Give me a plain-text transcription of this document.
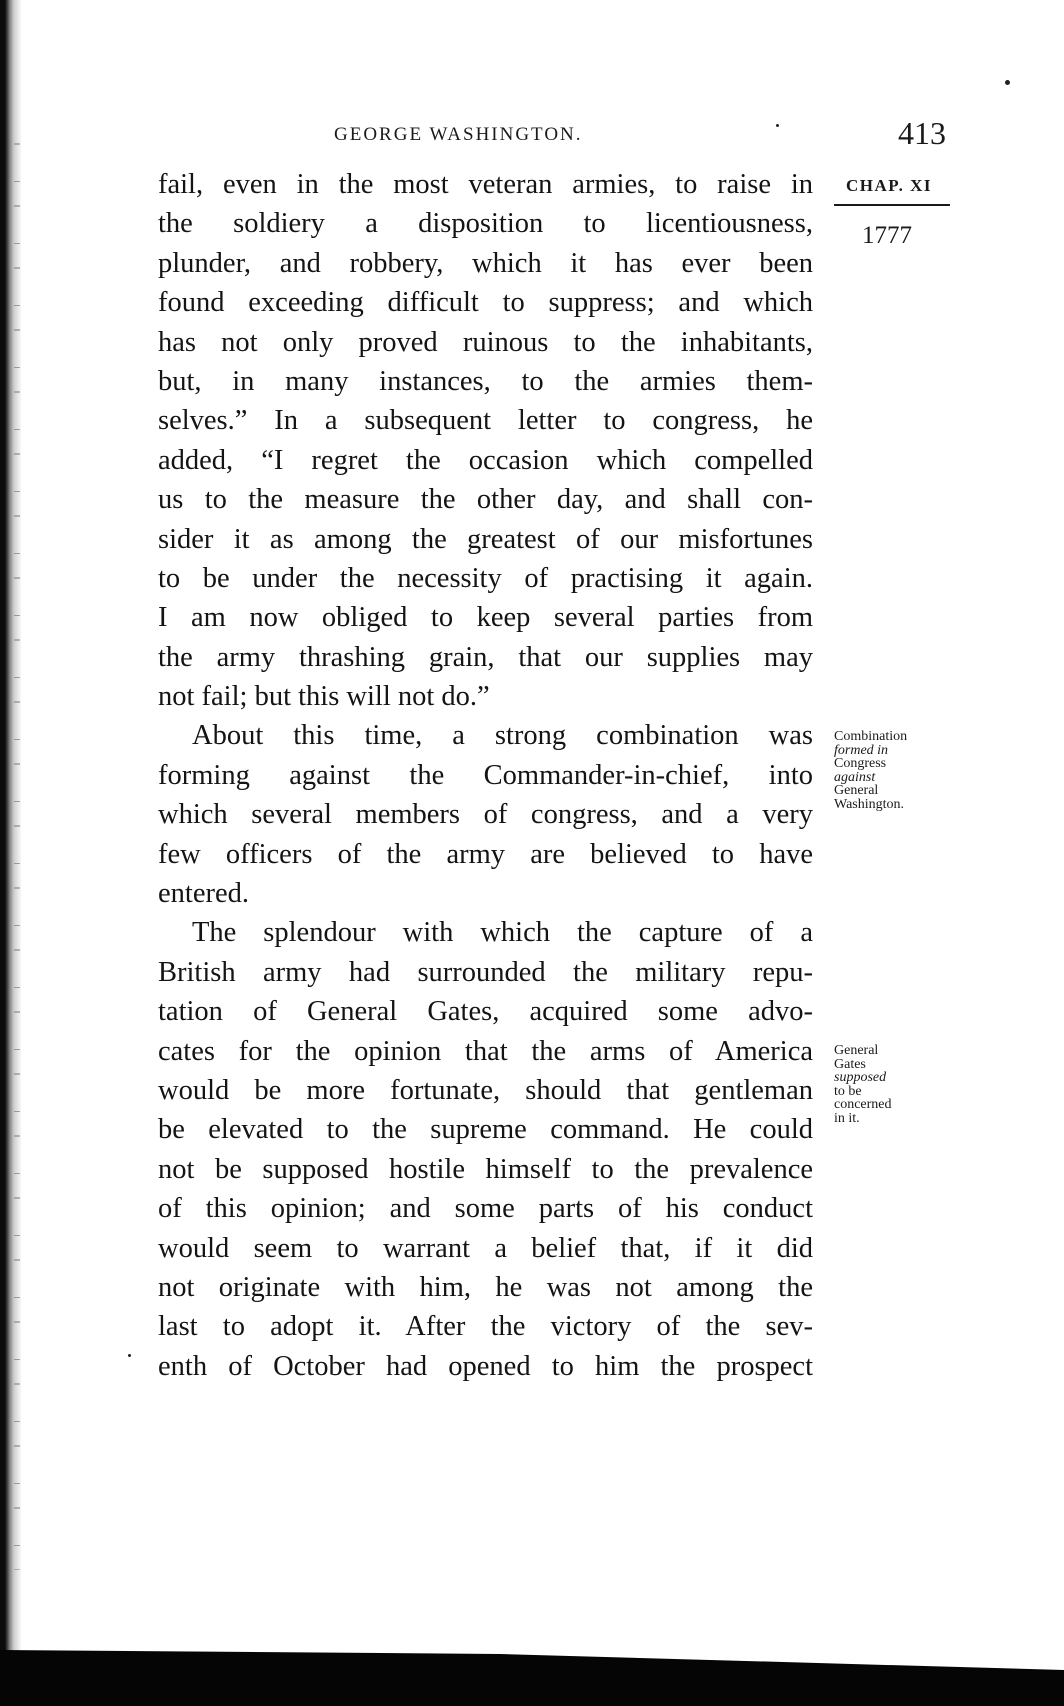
GEORGE WASHINGTON.	413
CHAP. XI
1777
fail, even in the most veteran armies, to raise in
the soldiery a disposition to licentiousness,
plunder, and robbery, which it has ever been
found exceeding difficult to suppress; and which
has not only proved ruinous to the inhabitants,
but, in many instances, to the armies them-
selves.” In a subsequent letter to congress, he
added, “I regret the occasion which compelled
us to the measure the other day, and shall con-
sider it as among the greatest of our misfortunes
to be under the necessity of practising it again.
I am now obliged to keep several parties from
the army thrashing grain, that our supplies may
not fail; but this will not do.”
About this time, a strong combination was
forming against the Commander-in-chief, into
which several members of congress, and a very
few officers of the army are believed to have
entered.
The splendour with which the capture of a
British army had surrounded the military repu-
tation of General Gates, acquired some advo-
cates for the opinion that the arms of America
would be more fortunate, should that gentleman
be elevated to the supreme command. He could
not be supposed hostile himself to the prevalence
of this opinion; and some parts of his conduct
would seem to warrant a belief that, if it did
not originate with him, he was not among the
last to adopt it. After the victory of the sev-
enth of October had opened to him the prospect
Combination
formed in
Congress
against
General
Washington.
General
Gates
supposed
to be
concerned
in it.
